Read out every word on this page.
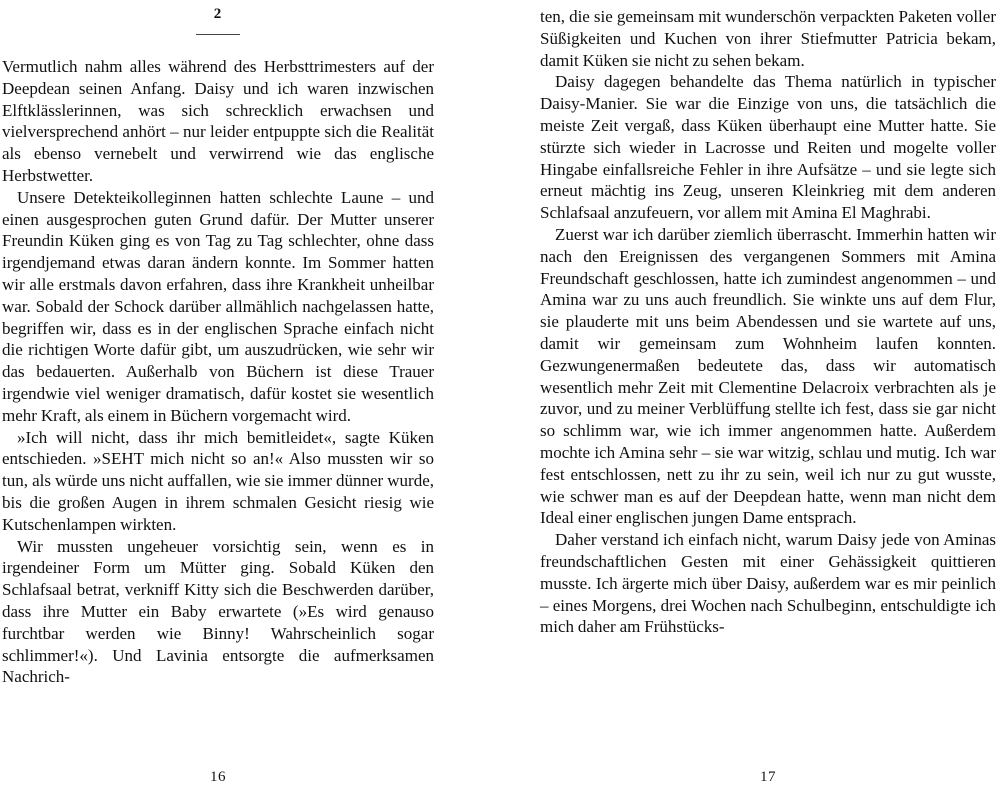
2

Vermutlich nahm alles während des Herbsttrimesters auf der Deepdean seinen Anfang. Daisy und ich waren inzwischen Elftklässlerinnen, was sich schrecklich erwachsen und vielversprechend anhört – nur leider entpuppte sich die Realität als ebenso vernebelt und verwirrend wie das englische Herbstwetter.

Unsere Detekteikolleginnen hatten schlechte Laune – und einen ausgesprochen guten Grund dafür. Der Mutter unserer Freundin Küken ging es von Tag zu Tag schlechter, ohne dass irgendjemand etwas daran ändern konnte. Im Sommer hatten wir alle erstmals davon erfahren, dass ihre Krankheit unheilbar war. Sobald der Schock darüber allmählich nachgelassen hatte, begriffen wir, dass es in der englischen Sprache einfach nicht die richtigen Worte dafür gibt, um auszudrücken, wie sehr wir das bedauerten. Außerhalb von Büchern ist diese Trauer irgendwie viel weniger dramatisch, dafür kostet sie wesentlich mehr Kraft, als einem in Büchern vorgemacht wird.

»Ich will nicht, dass ihr mich bemitleidet«, sagte Küken entschieden. »SEHT mich nicht so an!« Also mussten wir so tun, als würde uns nicht auffallen, wie sie immer dünner wurde, bis die großen Augen in ihrem schmalen Gesicht riesig wie Kutschenlampen wirkten.

Wir mussten ungeheuer vorsichtig sein, wenn es in irgendeiner Form um Mütter ging. Sobald Küken den Schlafsaal betrat, verkniff Kitty sich die Beschwerden darüber, dass ihre Mutter ein Baby erwartete (»Es wird genauso furchtbar werden wie Binny! Wahrscheinlich sogar schlimmer!«). Und Lavinia entsorgte die aufmerksamen Nachrich-

16

ten, die sie gemeinsam mit wunderschön verpackten Paketen voller Süßigkeiten und Kuchen von ihrer Stiefmutter Patricia bekam, damit Küken sie nicht zu sehen bekam.

Daisy dagegen behandelte das Thema natürlich in typischer Daisy-Manier. Sie war die Einzige von uns, die tatsächlich die meiste Zeit vergaß, dass Küken überhaupt eine Mutter hatte. Sie stürzte sich wieder in Lacrosse und Reiten und mogelte voller Hingabe einfallsreiche Fehler in ihre Aufsätze – und sie legte sich erneut mächtig ins Zeug, unseren Kleinkrieg mit dem anderen Schlafsaal anzufeuern, vor allem mit Amina El Maghrabi.

Zuerst war ich darüber ziemlich überrascht. Immerhin hatten wir nach den Ereignissen des vergangenen Sommers mit Amina Freundschaft geschlossen, hatte ich zumindest angenommen – und Amina war zu uns auch freundlich. Sie winkte uns auf dem Flur, sie plauderte mit uns beim Abendessen und sie wartete auf uns, damit wir gemeinsam zum Wohnheim laufen konnten. Gezwungenermaßen bedeutete das, dass wir automatisch wesentlich mehr Zeit mit Clementine Delacroix verbrachten als je zuvor, und zu meiner Verblüffung stellte ich fest, dass sie gar nicht so schlimm war, wie ich immer angenommen hatte. Außerdem mochte ich Amina sehr – sie war witzig, schlau und mutig. Ich war fest entschlossen, nett zu ihr zu sein, weil ich nur zu gut wusste, wie schwer man es auf der Deepdean hatte, wenn man nicht dem Ideal einer englischen jungen Dame entsprach.

Daher verstand ich einfach nicht, warum Daisy jede von Aminas freundschaftlichen Gesten mit einer Gehässigkeit quittieren musste. Ich ärgerte mich über Daisy, außerdem war es mir peinlich – eines Morgens, drei Wochen nach Schulbeginn, entschuldigte ich mich daher am Frühstücks-

17
